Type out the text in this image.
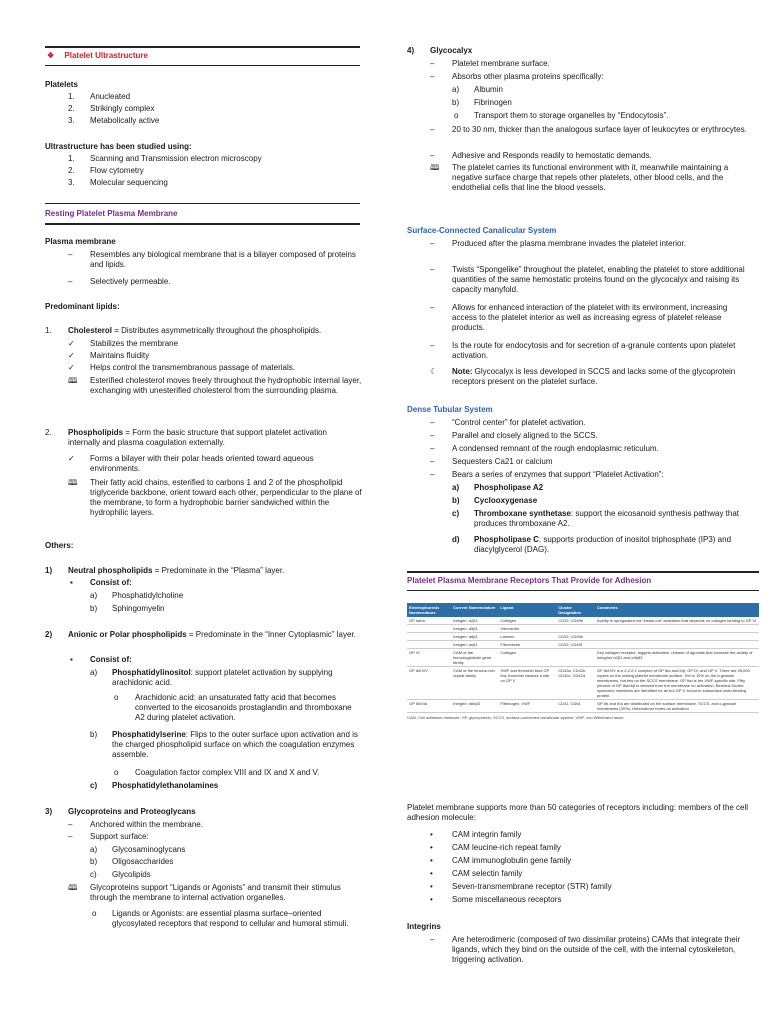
❖ Platelet Ultrastructure
Platelets
1. Anucleated
2. Strikingly complex
3. Metabolically active
Ultrastructure has been studied using:
1. Scanning and Transmission electron microscopy
2. Flow cytometry
3. Molecular sequencing
Resting Platelet Plasma Membrane
Plasma membrane
– Resembles any biological membrane that is a bilayer composed of proteins and lipids.
– Selectively permeable.
Predominant lipids:
1. Cholesterol = Distributes asymmetrically throughout the phospholipids.
✓ Stabilizes the membrane
✓ Maintains fluidity
✓ Helps control the transmembranous passage of materials.
🕮 Esterified cholesterol moves freely throughout the hydrophobic internal layer, exchanging with unesterified cholesterol from the surrounding plasma.
2. Phospholipids = Form the basic structure that support platelet activation internally and plasma coagulation externally.
✓ Forms a bilayer with their polar heads oriented toward aqueous environments.
🕮 Their fatty acid chains, esterified to carbons 1 and 2 of the phospholipid triglyceride backbone, orient toward each other, perpendicular to the plane of the membrane, to form a hydrophobic barrier sandwiched within the hydrophilic layers.
Others:
1) Neutral phospholipids = Predominate in the “Plasma” layer.
▪ Consist of:
a) Phosphatidylcholine
b) Sphingomyelin
2) Anionic or Polar phospholipids = Predominate in the “Inner Cytoplasmic” layer.
▪ Consist of:
a) Phosphatidylinositol: support platelet activation by supplying arachidonic acid.
o Arachidonic acid: an unsaturated fatty acid that becomes converted to the eicosanoids prostaglandin and thromboxane A2 during platelet activation.
b) Phosphatidylserine: Flips to the outer surface upon activation and is the charged phospholipid surface on which the coagulation enzymes assemble.
o Coagulation factor complex VIII and IX and X and V.
c) Phosphatidylethanolamines
3) Glycoproteins and Proteoglycans
– Anchored within the membrane.
– Support surface:
a) Glycosaminoglycans
b) Oligosaccharides
c) Glycolipids
🕮 Glycoproteins support “Ligands or Agonists” and transmit their stimulus through the membrane to internal activation organelles.
o Ligands or Agonists: are essential plasma surface–oriented glycosylated receptors that respond to cellular and humoral stimuli.
4) Glycocalyx
– Platelet membrane surface.
– Absorbs other plasma proteins specifically:
a) Albumin
b) Fibrinogen
o Transport them to storage organelles by “Endocytosis”.
– 20 to 30 nm, thicker than the analogous surface layer of leukocytes or erythrocytes.
– Adhesive and Responds readily to hemostatic demands.
🕮 The platelet carries its functional environment with it, meanwhile maintaining a negative surface charge that repels other platelets, other blood cells, and the endothelial cells that line the blood vessels.
Surface-Connected Canalicular System
– Produced after the plasma membrane invades the platelet interior.
– Twists “Spongelike” throughout the platelet, enabling the platelet to store additional quantities of the same hemostatic proteins found on the glycocalyx and raising its capacity manyfold.
– Allows for enhanced interaction of the platelet with its environment, increasing access to the platelet interior as well as increasing egress of platelet release products.
– Is the route for endocytosis and for secretion of a-granule contents upon platelet activation.
☾ Note: Glycocalyx is less developed in SCCS and lacks some of the glycoprotein receptors present on the platelet surface.
Dense Tubular System
– “Control center” for platelet activation.
– Parallel and closely aligned to the SCCS.
– A condensed remnant of the rough endoplasmic reticulum.
– Sequesters Ca21 or calcium
– Bears a series of enzymes that support “Platelet Activation”:
a) Phospholipase A2
b) Cyclooxygenase
c) Thromboxane synthetase: support the eicosanoid synthesis pathway that produces thromboxane A2.
d) Phospholipase C: supports production of inositol triphosphate (IP3) and diacylglycerol (DAG).
Platelet Plasma Membrane Receptors That Provide for Adhesion
Electrophoresis Nomenclature	Current Nomenclature	Ligand	Cluster Designation	Comments
GP Ia/IIa	Integrin: α2β1	Collagen	CD29, CD49b	Avidity is upregulated via “inside-out” activation that depends on collagen binding to GP VI
	Integrin: α5β1	Vitronectin		
	Integrin: α6β1	Laminin	CD29, CD49e	
	Integrin: αvβ1	Fibronectin	CD29, CD49f	
GP VI	CAM of the immunoglobulin gene family	Collagen		Key collagen receptor, triggers activation, release of agonists that increase the avidity of integrins α2β1 and αIIbβ3
GP Ib/IX/V	CAM of the leucine-rich repeat family	VWF and thrombin bind GP Ibα; thrombin cleaves a site on GP V	CD42a, CD42b, CD42c, CD42d	GP Ib/IX/V is a 2:2:2:1 complex of GP Ibα and Ibβ, GP IX, and GP V. There are 25,000 copies on the resting platelet membrane surface, 5% to 10% on the α-granule membranes, but few on the SCCS membrane. GP Ibα is the VWF-specific site. Fifty percent of GP Ibα/Ibβ is cleaved from the membrane on activation. Bernard-Soulier syndrome mutations are identified for all but GP V, found to subsurface actin-binding protein.
GP IIb/IIIa	Integrin: αIIbβ3	Fibrinogen, VWF	CD41, CD61	GP IIb and IIIa are distributed on the surface membrane, SCCS, and α-granule membranes (30%). Heterodimer forms on activation
CAM, Cell adhesion molecule; GP, glycoprotein; SCCS, surface-connected canalicular system; VWF, von Willebrand factor.
Platelet membrane supports more than 50 categories of receptors including: members of the cell adhesion molecule:
• CAM integrin family
• CAM leucine-rich repeat family
• CAM immunoglobulin gene family
• CAM selectin family
• Seven-transmembrane receptor (STR) family
• Some miscellaneous receptors
Integrins
– Are heterodimeric (composed of two dissimilar proteins) CAMs that integrate their ligands, which they bind on the outside of the cell, with the internal cytoskeleton, triggering activation.
